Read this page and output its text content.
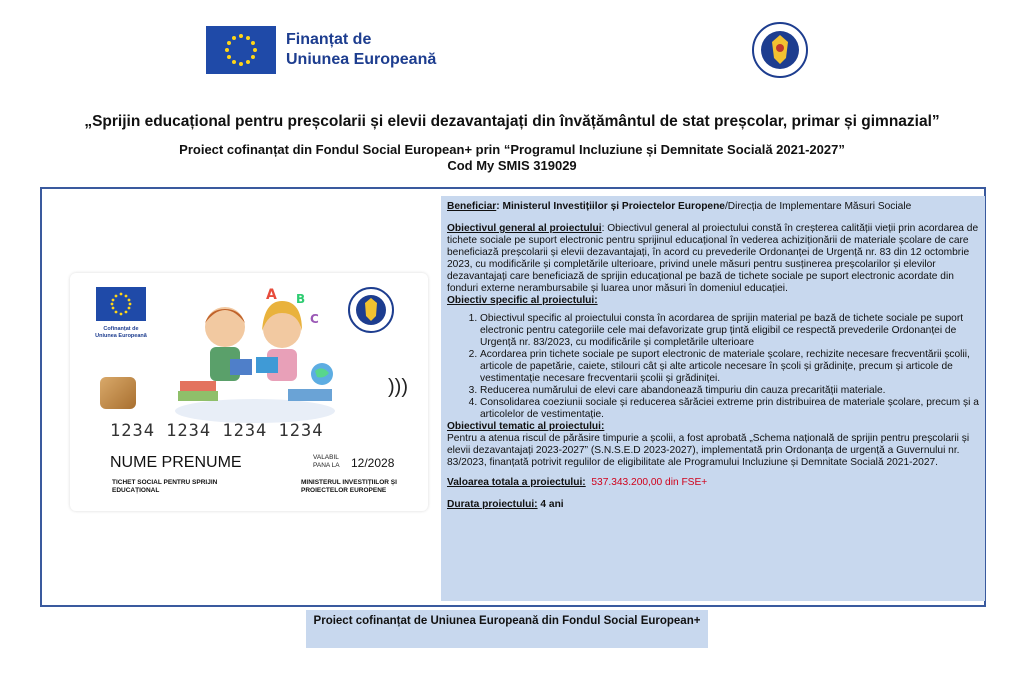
Finanțat de
Uniunea Europeană
„Sprijin educațional pentru preșcolarii și elevii dezavantajați din învățământul de stat preșcolar, primar și gimnazial”
Proiect cofinanțat din Fondul Social European+ prin “Programul Incluziune și Demnitate Socială 2021-2027”
Cod My SMIS 319029
Cofinanțat de Uniunea Europeană
A
C
B
)))
1234 1234 1234 1234
NUME PRENUME	VALABIL PANA LA 12/2028
TICHET SOCIAL PENTRU SPRIJIN EDUCAȚIONAL
MINISTERUL INVESTIȚIILOR ȘI PROIECTELOR EUROPENE

Beneficiar: Ministerul Investițiilor și Proiectelor Europene/Direcția de Implementare Măsuri Sociale

Obiectivul general al proiectului: Obiectivul general al proiectului constă în creșterea calității vieții prin acordarea de tichete sociale pe suport electronic pentru sprijinul educațional în vederea achiziționării de materiale școlare de care beneficiază preșcolarii și elevii dezavantajați, în acord cu prevederile Ordonanței de Urgență nr. 83 din 12 octombrie 2023, cu modificările și completările ulterioare, privind unele măsuri pentru susținerea preșcolarilor și elevilor dezavantajați care beneficiază de sprijin educațional pe bază de tichete sociale pe suport electronic acordate din fonduri externe nerambursabile și luarea unor măsuri în domeniul educației.

Obiectiv specific al proiectului:

1. Obiectivul specific al proiectului consta în acordarea de sprijin material pe bază de tichete sociale pe suport electronic pentru categoriile cele mai defavorizate grup țintă eligibil ce respectă prevederile Ordonanței de Urgență nr. 83/2023, cu modificările și completările ulterioare
2. Acordarea prin tichete sociale pe suport electronic de materiale școlare, rechizite necesare frecventării școlii, articole de papetărie, caiete, stilouri cât și alte articole necesare în școli și grădinițe, precum și articole de vestimentație necesare frecventarii școlii și grădiniței.
3. Reducerea numărului de elevi care abandonează timpuriu din cauza precarității materiale.
4. Consolidarea coeziunii sociale și reducerea sărăciei extreme prin distribuirea de materiale școlare, precum și a articolelor de vestimentație.

Obiectivul tematic al proiectului:

Pentru a atenua riscul de părăsire timpurie a școlii, a fost aprobată „Schema națională de sprijin pentru preșcolarii și elevii dezavantajați 2023-2027” (S.N.S.E.D 2023-2027), implementată prin Ordonanța de urgență a Guvernului nr. 83/2023, finanțată potrivit regulilor de eligibilitate ale Programului Incluziune și Demnitate Socială 2021-2027.

Valoarea totala a proiectului: 537.343.200,00 din FSE+

Durata proiectului: 4 ani

Proiect cofinanțat de Uniunea Europeană din Fondul Social European+
